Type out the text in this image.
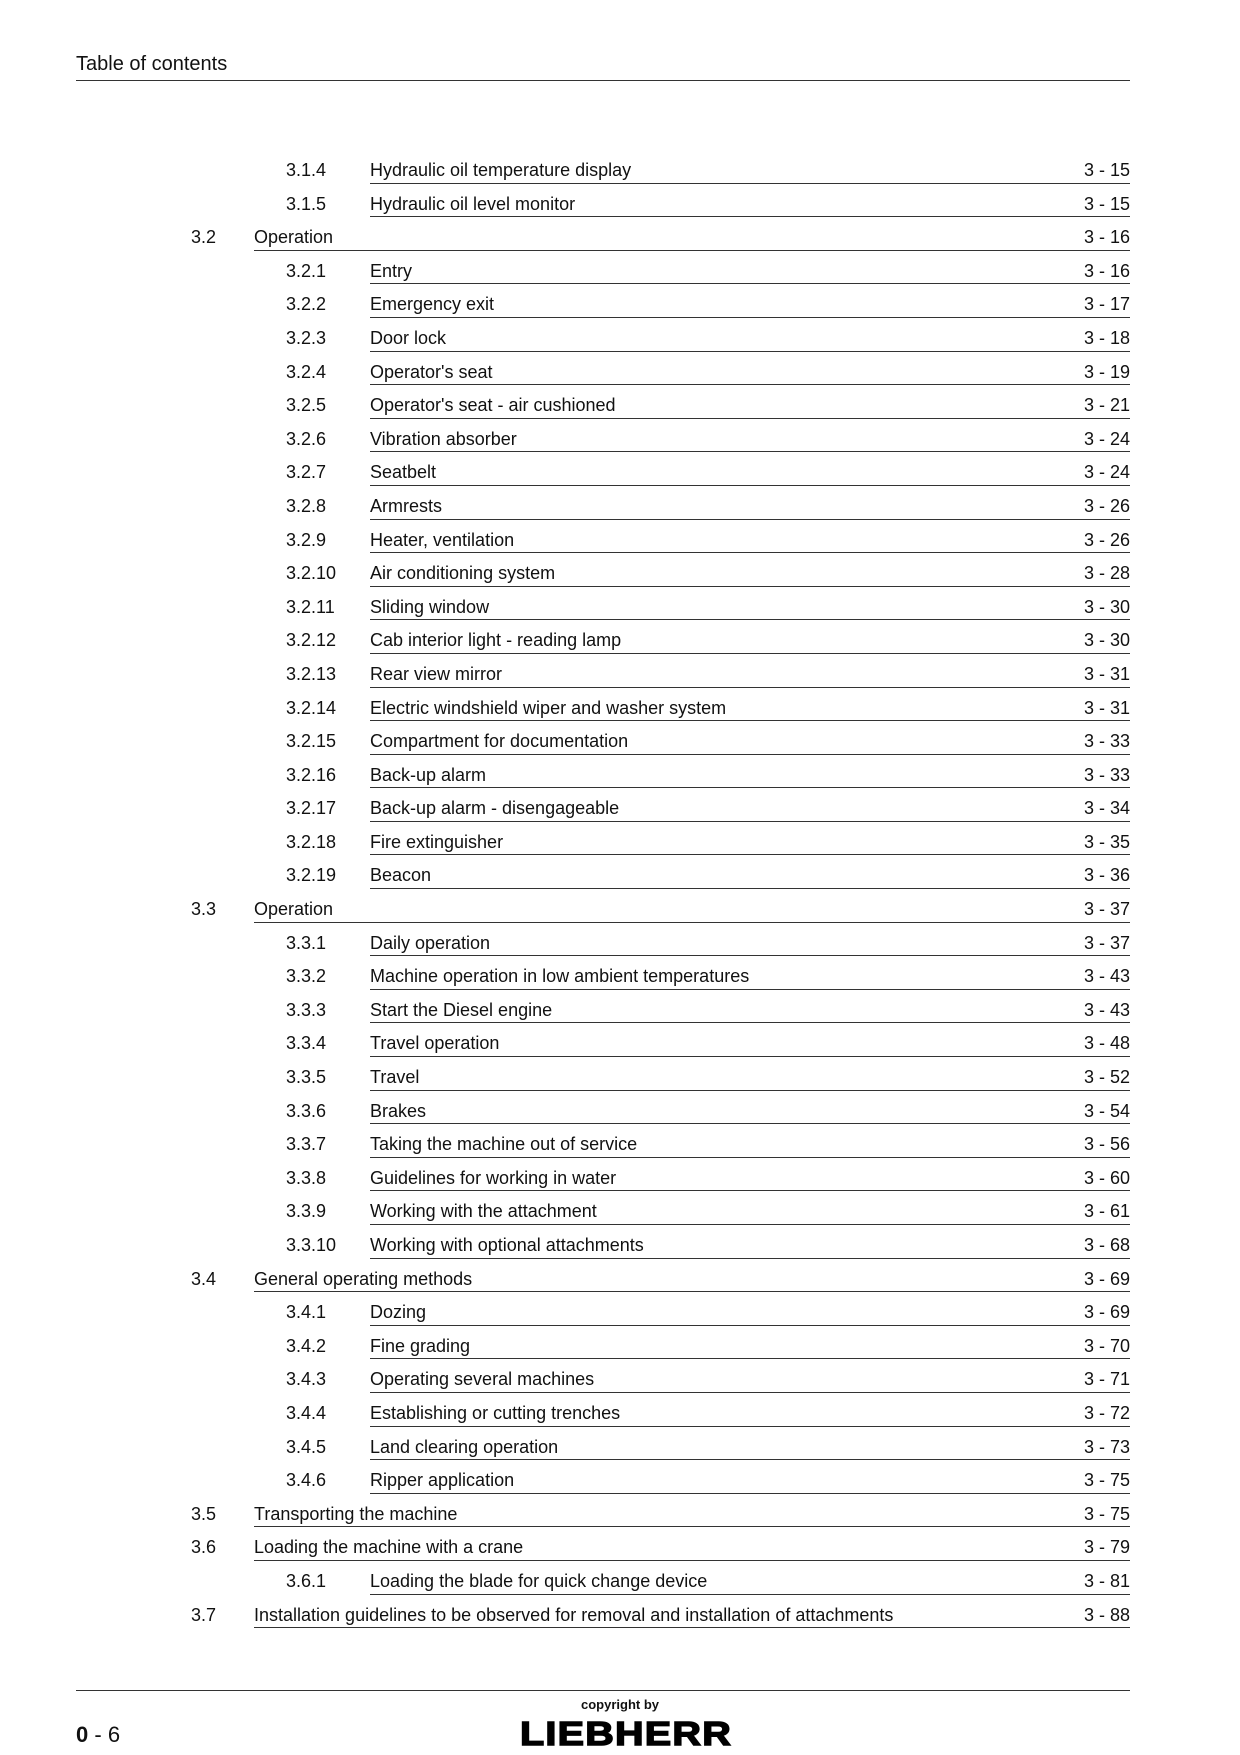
Table of contents
3.1.4 Hydraulic oil temperature display	3 - 15
3.1.5 Hydraulic oil level monitor	3 - 15
3.2 Operation	3 - 16
3.2.1 Entry	3 - 16
3.2.2 Emergency exit	3 - 17
3.2.3 Door lock	3 - 18
3.2.4 Operator's seat	3 - 19
3.2.5 Operator's seat - air cushioned	3 - 21
3.2.6 Vibration absorber	3 - 24
3.2.7 Seatbelt	3 - 24
3.2.8 Armrests	3 - 26
3.2.9 Heater, ventilation	3 - 26
3.2.10 Air conditioning system	3 - 28
3.2.11 Sliding window	3 - 30
3.2.12 Cab interior light - reading lamp	3 - 30
3.2.13 Rear view mirror	3 - 31
3.2.14 Electric windshield wiper and washer system	3 - 31
3.2.15 Compartment for documentation	3 - 33
3.2.16 Back-up alarm	3 - 33
3.2.17 Back-up alarm - disengageable	3 - 34
3.2.18 Fire extinguisher	3 - 35
3.2.19 Beacon	3 - 36
3.3 Operation	3 - 37
3.3.1 Daily operation	3 - 37
3.3.2 Machine operation in low ambient temperatures	3 - 43
3.3.3 Start the Diesel engine	3 - 43
3.3.4 Travel operation	3 - 48
3.3.5 Travel	3 - 52
3.3.6 Brakes	3 - 54
3.3.7 Taking the machine out of service	3 - 56
3.3.8 Guidelines for working in water	3 - 60
3.3.9 Working with the attachment	3 - 61
3.3.10 Working with optional attachments	3 - 68
3.4 General operating methods	3 - 69
3.4.1 Dozing	3 - 69
3.4.2 Fine grading	3 - 70
3.4.3 Operating several machines	3 - 71
3.4.4 Establishing or cutting trenches	3 - 72
3.4.5 Land clearing operation	3 - 73
3.4.6 Ripper application	3 - 75
3.5 Transporting the machine	3 - 75
3.6 Loading the machine with a crane	3 - 79
3.6.1 Loading the blade for quick change device	3 - 81
3.7 Installation guidelines to be observed for removal and installation of attachments	3 - 88
0 - 6
copyright by
LIEBHERR
